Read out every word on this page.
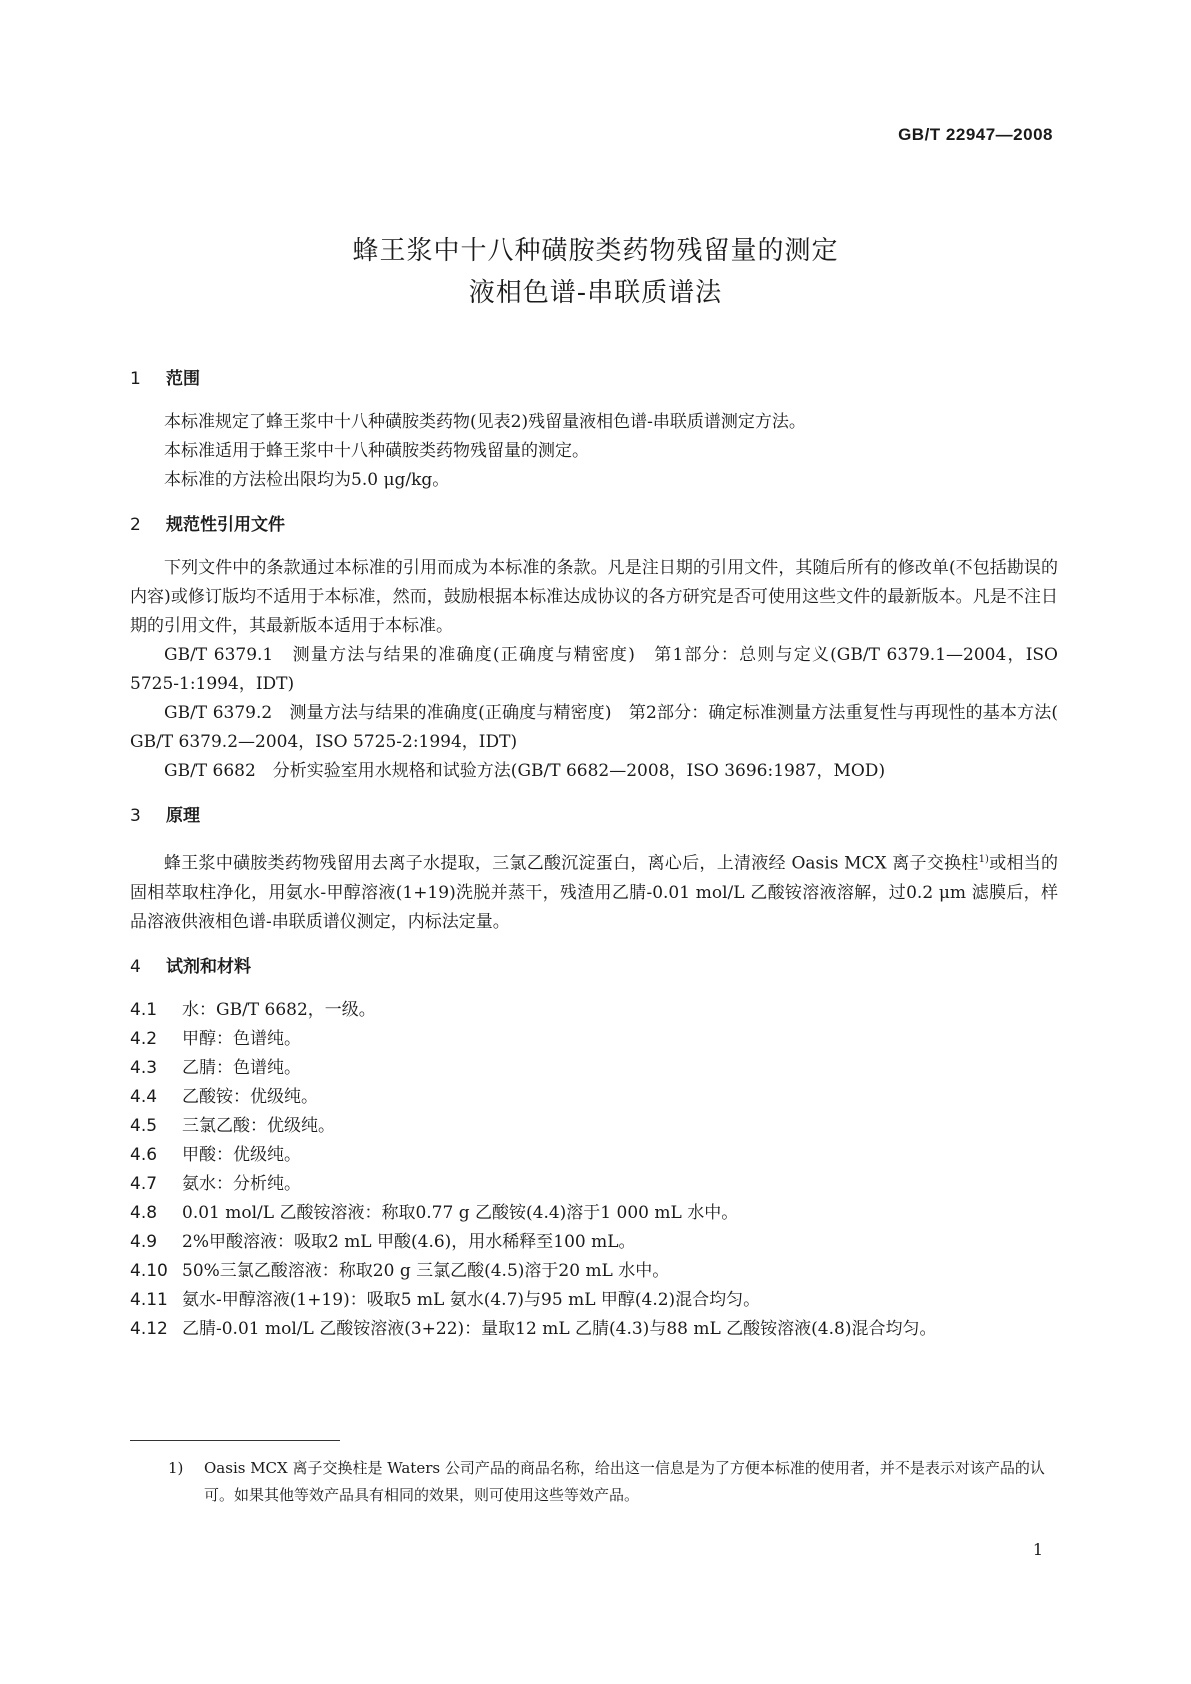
GB/T 22947—2008
蜂王浆中十八种磺胺类药物残留量的测定
液相色谱-串联质谱法

1 范围

本标准规定了蜂王浆中十八种磺胺类药物(见表2)残留量液相色谱-串联质谱测定方法。

本标准适用于蜂王浆中十八种磺胺类药物残留量的测定。

本标准的方法检出限均为5.0 μg/kg。

2 规范性引用文件

下列文件中的条款通过本标准的引用而成为本标准的条款。凡是注日期的引用文件，其随后所有的修改单(不包括勘误的内容)或修订版均不适用于本标准，然而，鼓励根据本标准达成协议的各方研究是否可使用这些文件的最新版本。凡是不注日期的引用文件，其最新版本适用于本标准。

GB/T 6379.1　测量方法与结果的准确度(正确度与精密度)　第1部分：总则与定义(GB/T 6379.1—2004，ISO 5725-1:1994，IDT)

GB/T 6379.2　测量方法与结果的准确度(正确度与精密度)　第2部分：确定标准测量方法重复性与再现性的基本方法( GB/T 6379.2—2004，ISO 5725-2:1994，IDT)

GB/T 6682　分析实验室用水规格和试验方法(GB/T 6682—2008，ISO 3696:1987，MOD)

3 原理

蜂王浆中磺胺类药物残留用去离子水提取，三氯乙酸沉淀蛋白，离心后，上清液经 Oasis MCX 离子交换柱$^{1)}$或相当的固相萃取柱净化，用氨水-甲醇溶液(1+19)洗脱并蒸干，残渣用乙腈-0.01 mol/L 乙酸铵溶液溶解，过0.2 μm 滤膜后，样品溶液供液相色谱-串联质谱仪测定，内标法定量。

4 试剂和材料

4.1 水：GB/T 6682，一级。

4.2 甲醇：色谱纯。

4.3 乙腈：色谱纯。

4.4 乙酸铵：优级纯。

4.5 三氯乙酸：优级纯。

4.6 甲酸：优级纯。

4.7 氨水：分析纯。

4.8 0.01 mol/L 乙酸铵溶液：称取0.77 g 乙酸铵(4.4)溶于1 000 mL 水中。

4.9 2%甲酸溶液：吸取2 mL 甲酸(4.6)，用水稀释至100 mL。

4.10 50%三氯乙酸溶液：称取20 g 三氯乙酸(4.5)溶于20 mL 水中。

4.11 氨水-甲醇溶液(1+19)：吸取5 mL 氨水(4.7)与95 mL 甲醇(4.2)混合均匀。

4.12 乙腈-0.01 mol/L 乙酸铵溶液(3+22)：量取12 mL 乙腈(4.3)与88 mL 乙酸铵溶液(4.8)混合均匀。

1) Oasis MCX 离子交换柱是 Waters 公司产品的商品名称，给出这一信息是为了方便本标准的使用者，并不是表示对该产品的认可。如果其他等效产品具有相同的效果，则可使用这些等效产品。
1
